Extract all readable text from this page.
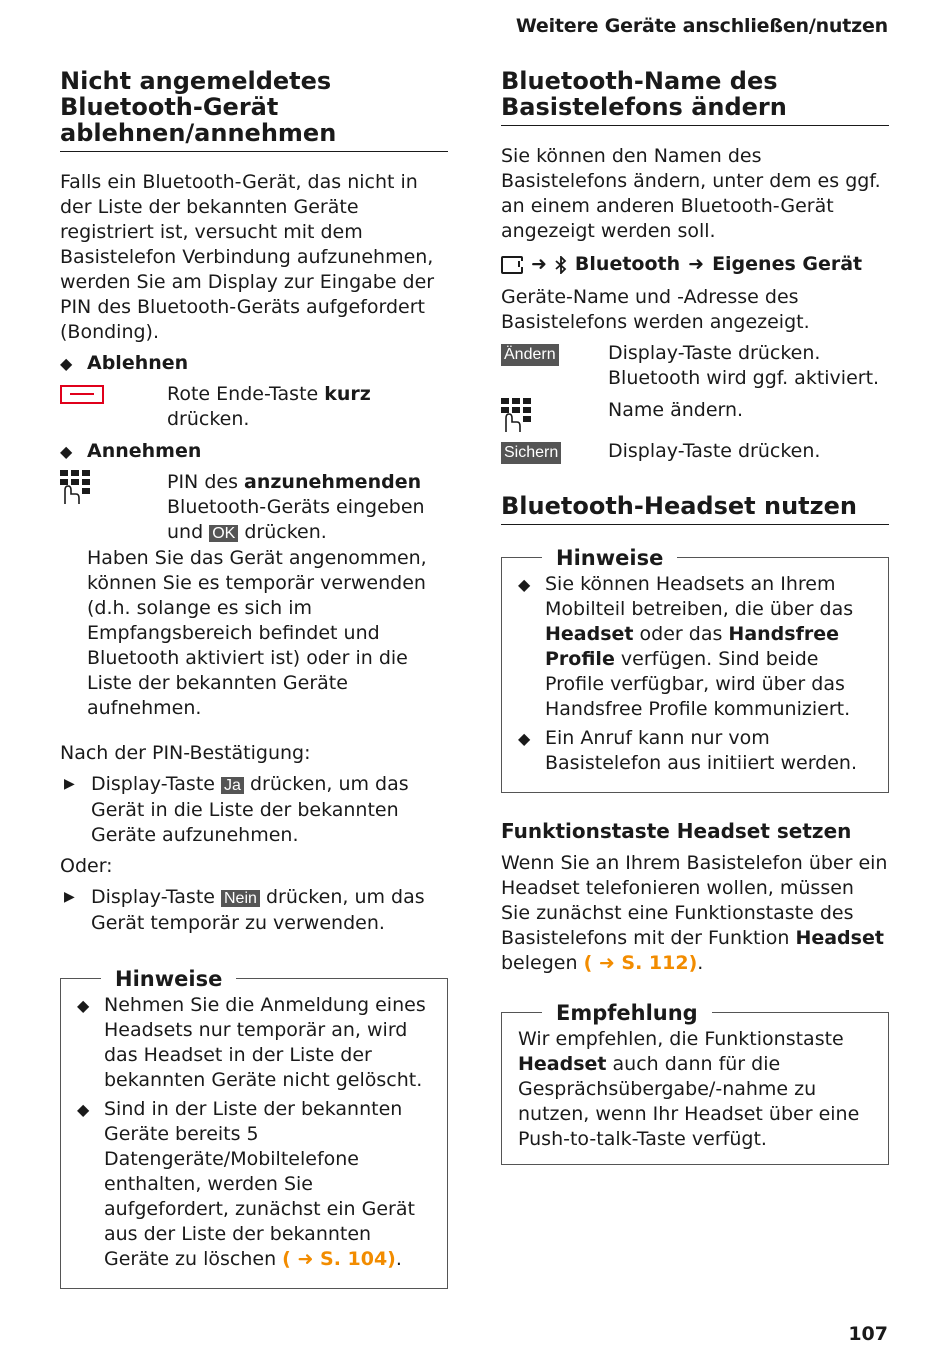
Weitere Geräte anschließen/nutzen
Nicht angemeldetes Bluetooth-Gerät ablehnen/annehmen

Falls ein Bluetooth-Gerät, das nicht in der Liste der bekannten Geräte registriert ist, versucht mit dem Basistelefon Verbindung aufzunehmen, werden Sie am Display zur Eingabe der PIN des Bluetooth-Geräts aufgefordert (Bonding).

◆ Ablehnen
Rote Ende-Taste kurz drücken.
◆ Annehmen
PIN des anzunehmenden Bluetooth-Geräts eingeben und OK drücken.

Haben Sie das Gerät angenommen, können Sie es temporär verwenden (d.h. solange es sich im Empfangsbereich befindet und Bluetooth aktiviert ist) oder in die Liste der bekannten Geräte aufnehmen.

Nach der PIN-Bestätigung:

▶ Display-Taste Ja drücken, um das Gerät in die Liste der bekannten Geräte aufzunehmen.

Oder:

▶ Display-Taste Nein drücken, um das Gerät temporär zu verwenden.
Hinweise
◆ Nehmen Sie die Anmeldung eines Headsets nur temporär an, wird das Headset in der Liste der bekannten Geräte nicht gelöscht.
◆ Sind in der Liste der bekannten Geräte bereits 5 Datengeräte/Mobiltelefone enthalten, werden Sie aufgefordert, zunächst ein Gerät aus der Liste der bekannten Geräte zu löschen ( ➜ S. 104).
Bluetooth-Name des Basistelefons ändern

Sie können den Namen des Basistelefons ändern, unter dem es ggf. an einem anderen Bluetooth-Gerät angezeigt werden soll.

➜ Bluetooth ➜ Eigenes Gerät

Geräte-Name und -Adresse des Basistelefons werden angezeigt.

Ändern	Display-Taste drücken. Bluetooth wird ggf. aktiviert.
Name ändern.
Sichern	Display-Taste drücken.
Bluetooth-Headset nutzen
Hinweise
◆ Sie können Headsets an Ihrem Mobilteil betreiben, die über das Headset oder das Handsfree Profile verfügen. Sind beide Profile verfügbar, wird über das Handsfree Profile kommuniziert.
◆ Ein Anruf kann nur vom Basistelefon aus initiiert werden.
Funktionstaste Headset setzen

Wenn Sie an Ihrem Basistelefon über ein Headset telefonieren wollen, müssen Sie zunächst eine Funktionstaste des Basistelefons mit der Funktion Headset belegen ( ➜ S. 112).

Empfehlung

Wir empfehlen, die Funktionstaste Headset auch dann für die Gesprächsübergabe/-nahme zu nutzen, wenn Ihr Headset über eine Push-to-talk-Taste verfügt.

107
